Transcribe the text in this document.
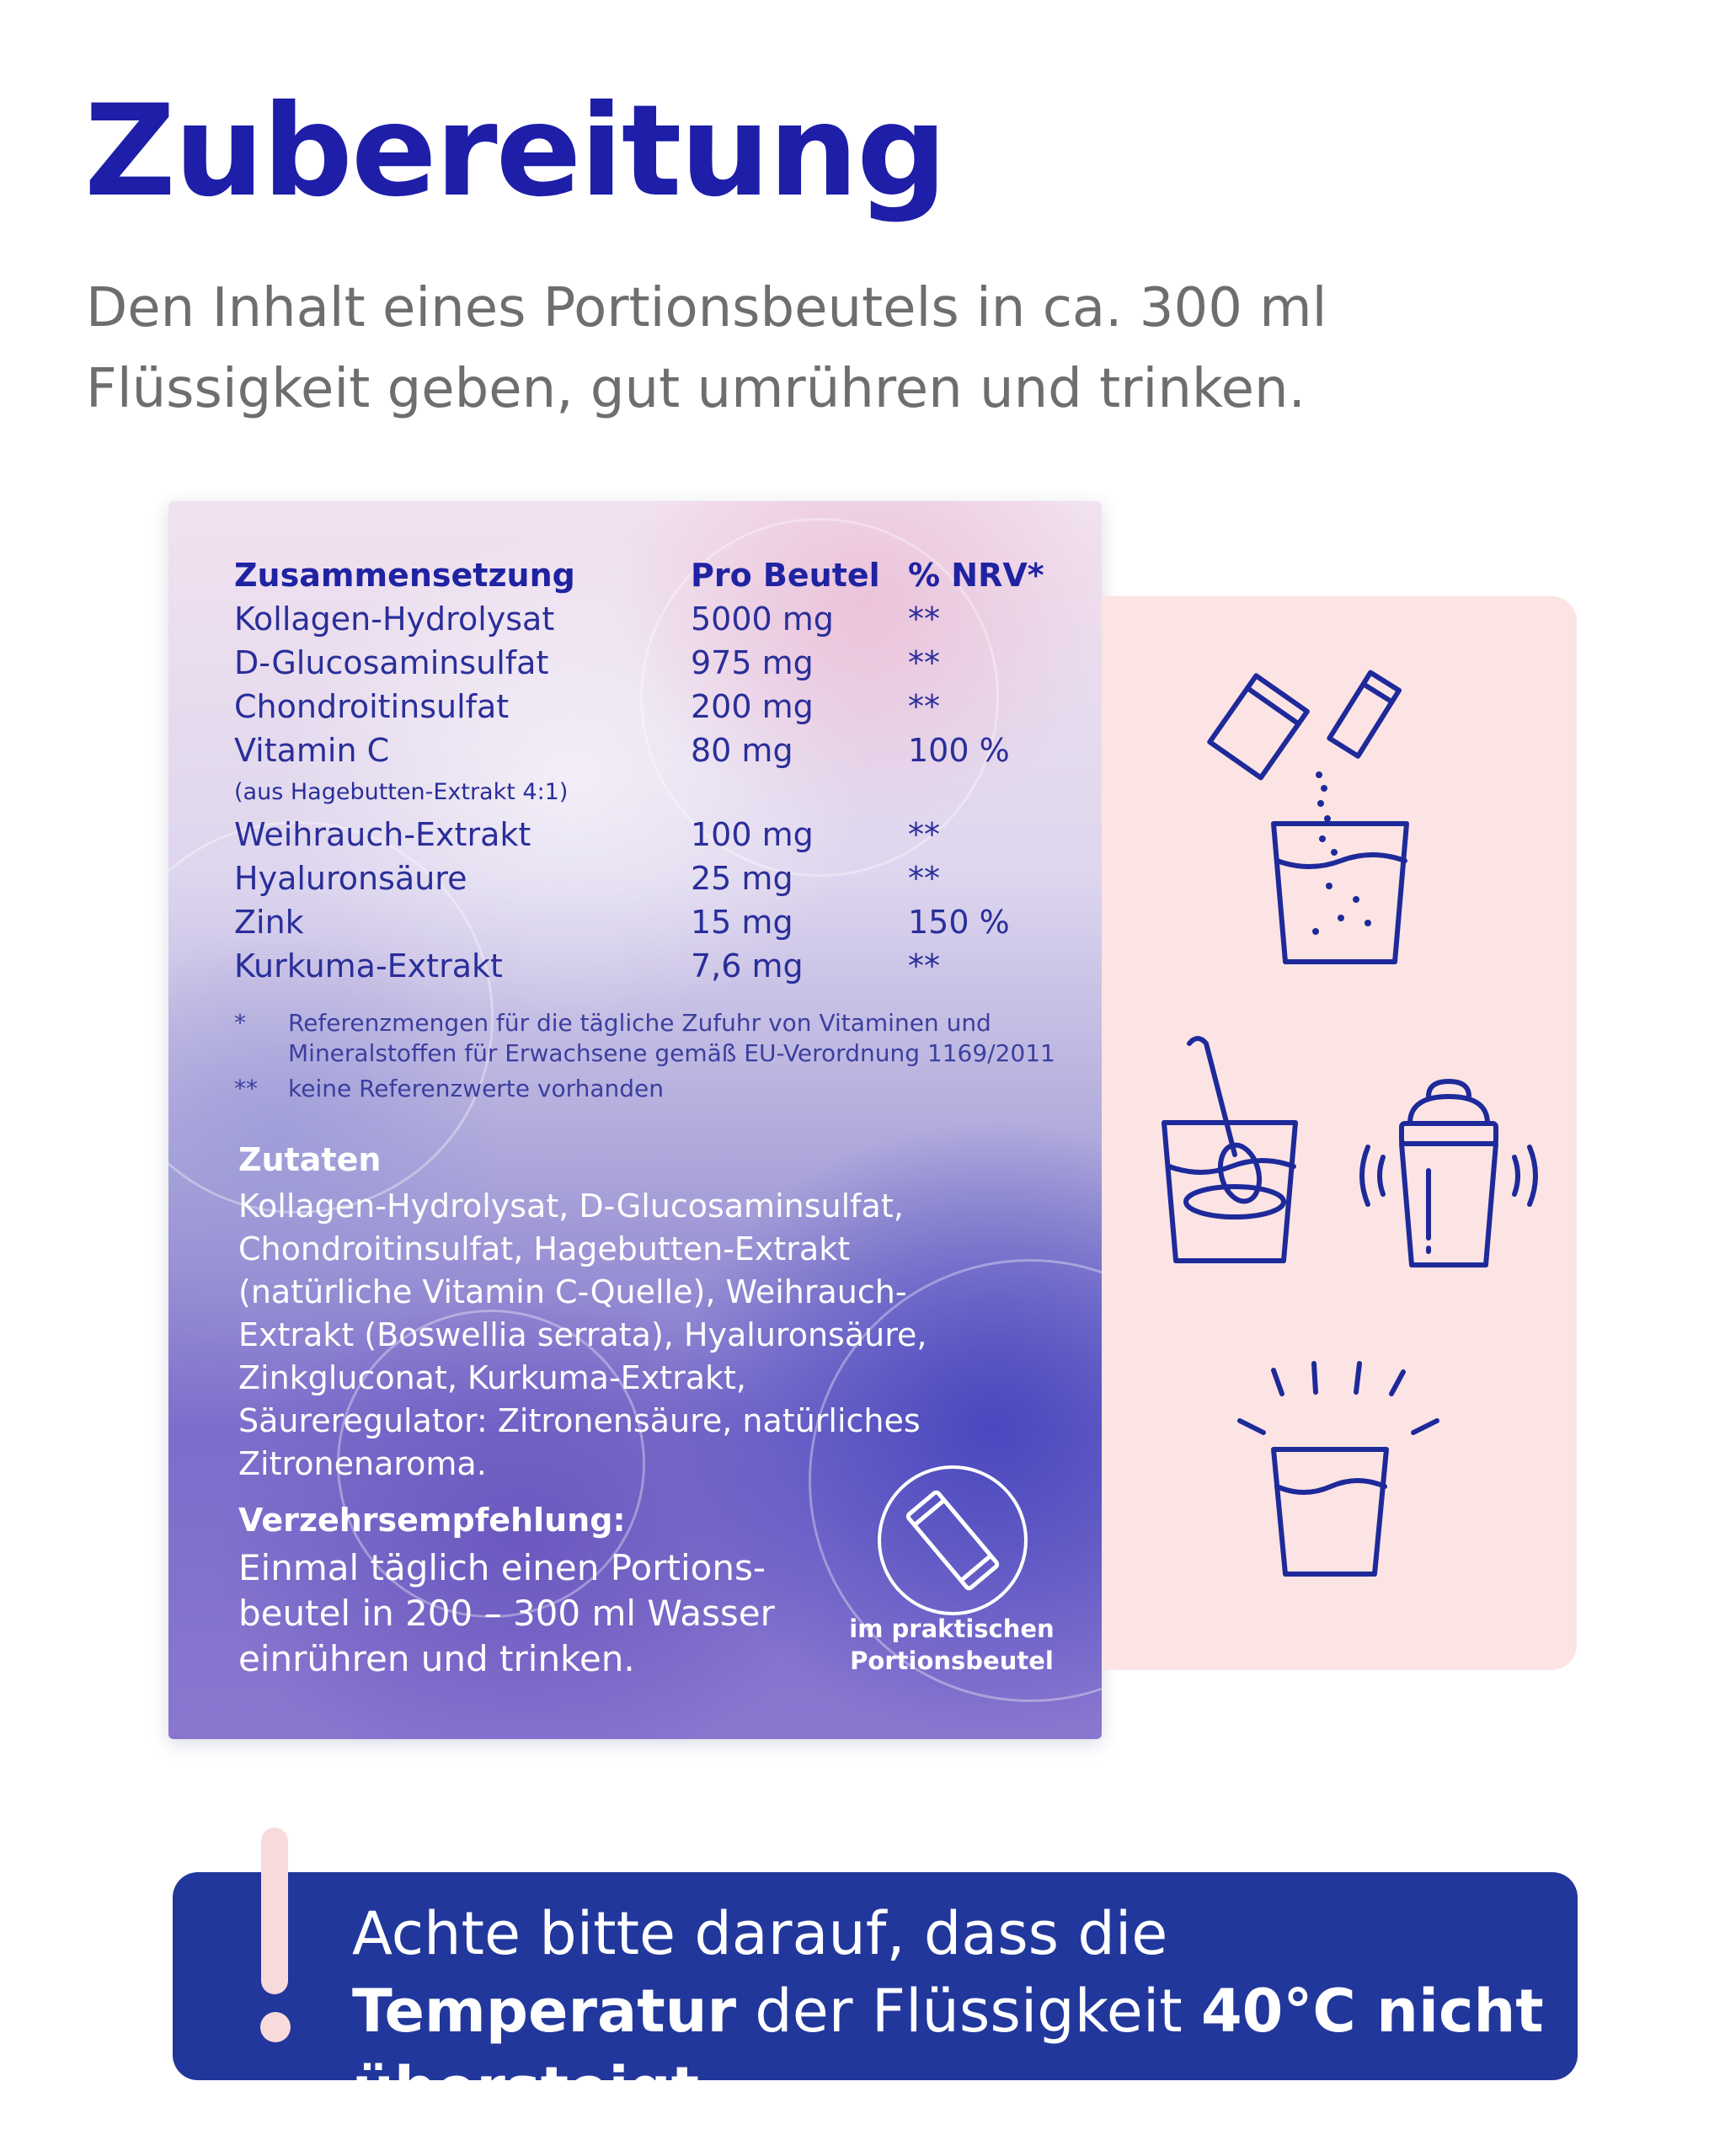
Zubereitung

Den Inhalt eines Portionsbeutels in ca. 300 ml Flüssigkeit geben, gut umrühren und trinken.

Zusammensetzung	Pro Beutel % NRV*
Kollagen-Hydrolysat	5000 mg **
D-Glucosaminsulfat	975 mg	**
Chondroitinsulfat	200 mg	**
Vitamin C	80 mg	100 %
(aus Hagebutten-Extrakt 4:1)
Weihrauch-Extrakt	100 mg	**
Hyaluronsäure	25 mg	**
Zink	15 mg	150 %
Kurkuma-Extrakt	7,6 mg	**
* Referenzmengen für die tägliche Zufuhr von Vitaminen und Mineralstoffen für Erwachsene gemäß EU-Verordnung 1169/2011
** keine Referenzwerte vorhanden
Zutaten

Kollagen-Hydrolysat, D-Glucosaminsulfat, Chondroitinsulfat, Hagebutten-Extrakt (natürliche Vitamin C-Quelle), Weihrauch-Extrakt (Boswellia serrata), Hyaluronsäure, Zinkgluconat, Kurkuma-Extrakt, Säureregulator: Zitronensäure, natürliches Zitronenaroma.

Verzehrsempfehlung:

Einmal täglich einen Portions-beutel in 200 – 300 ml Wasser einrühren und trinken.

im praktischen Portionsbeutel

Achte bitte darauf, dass die Temperatur der Flüssigkeit 40°C nicht übersteigt.
